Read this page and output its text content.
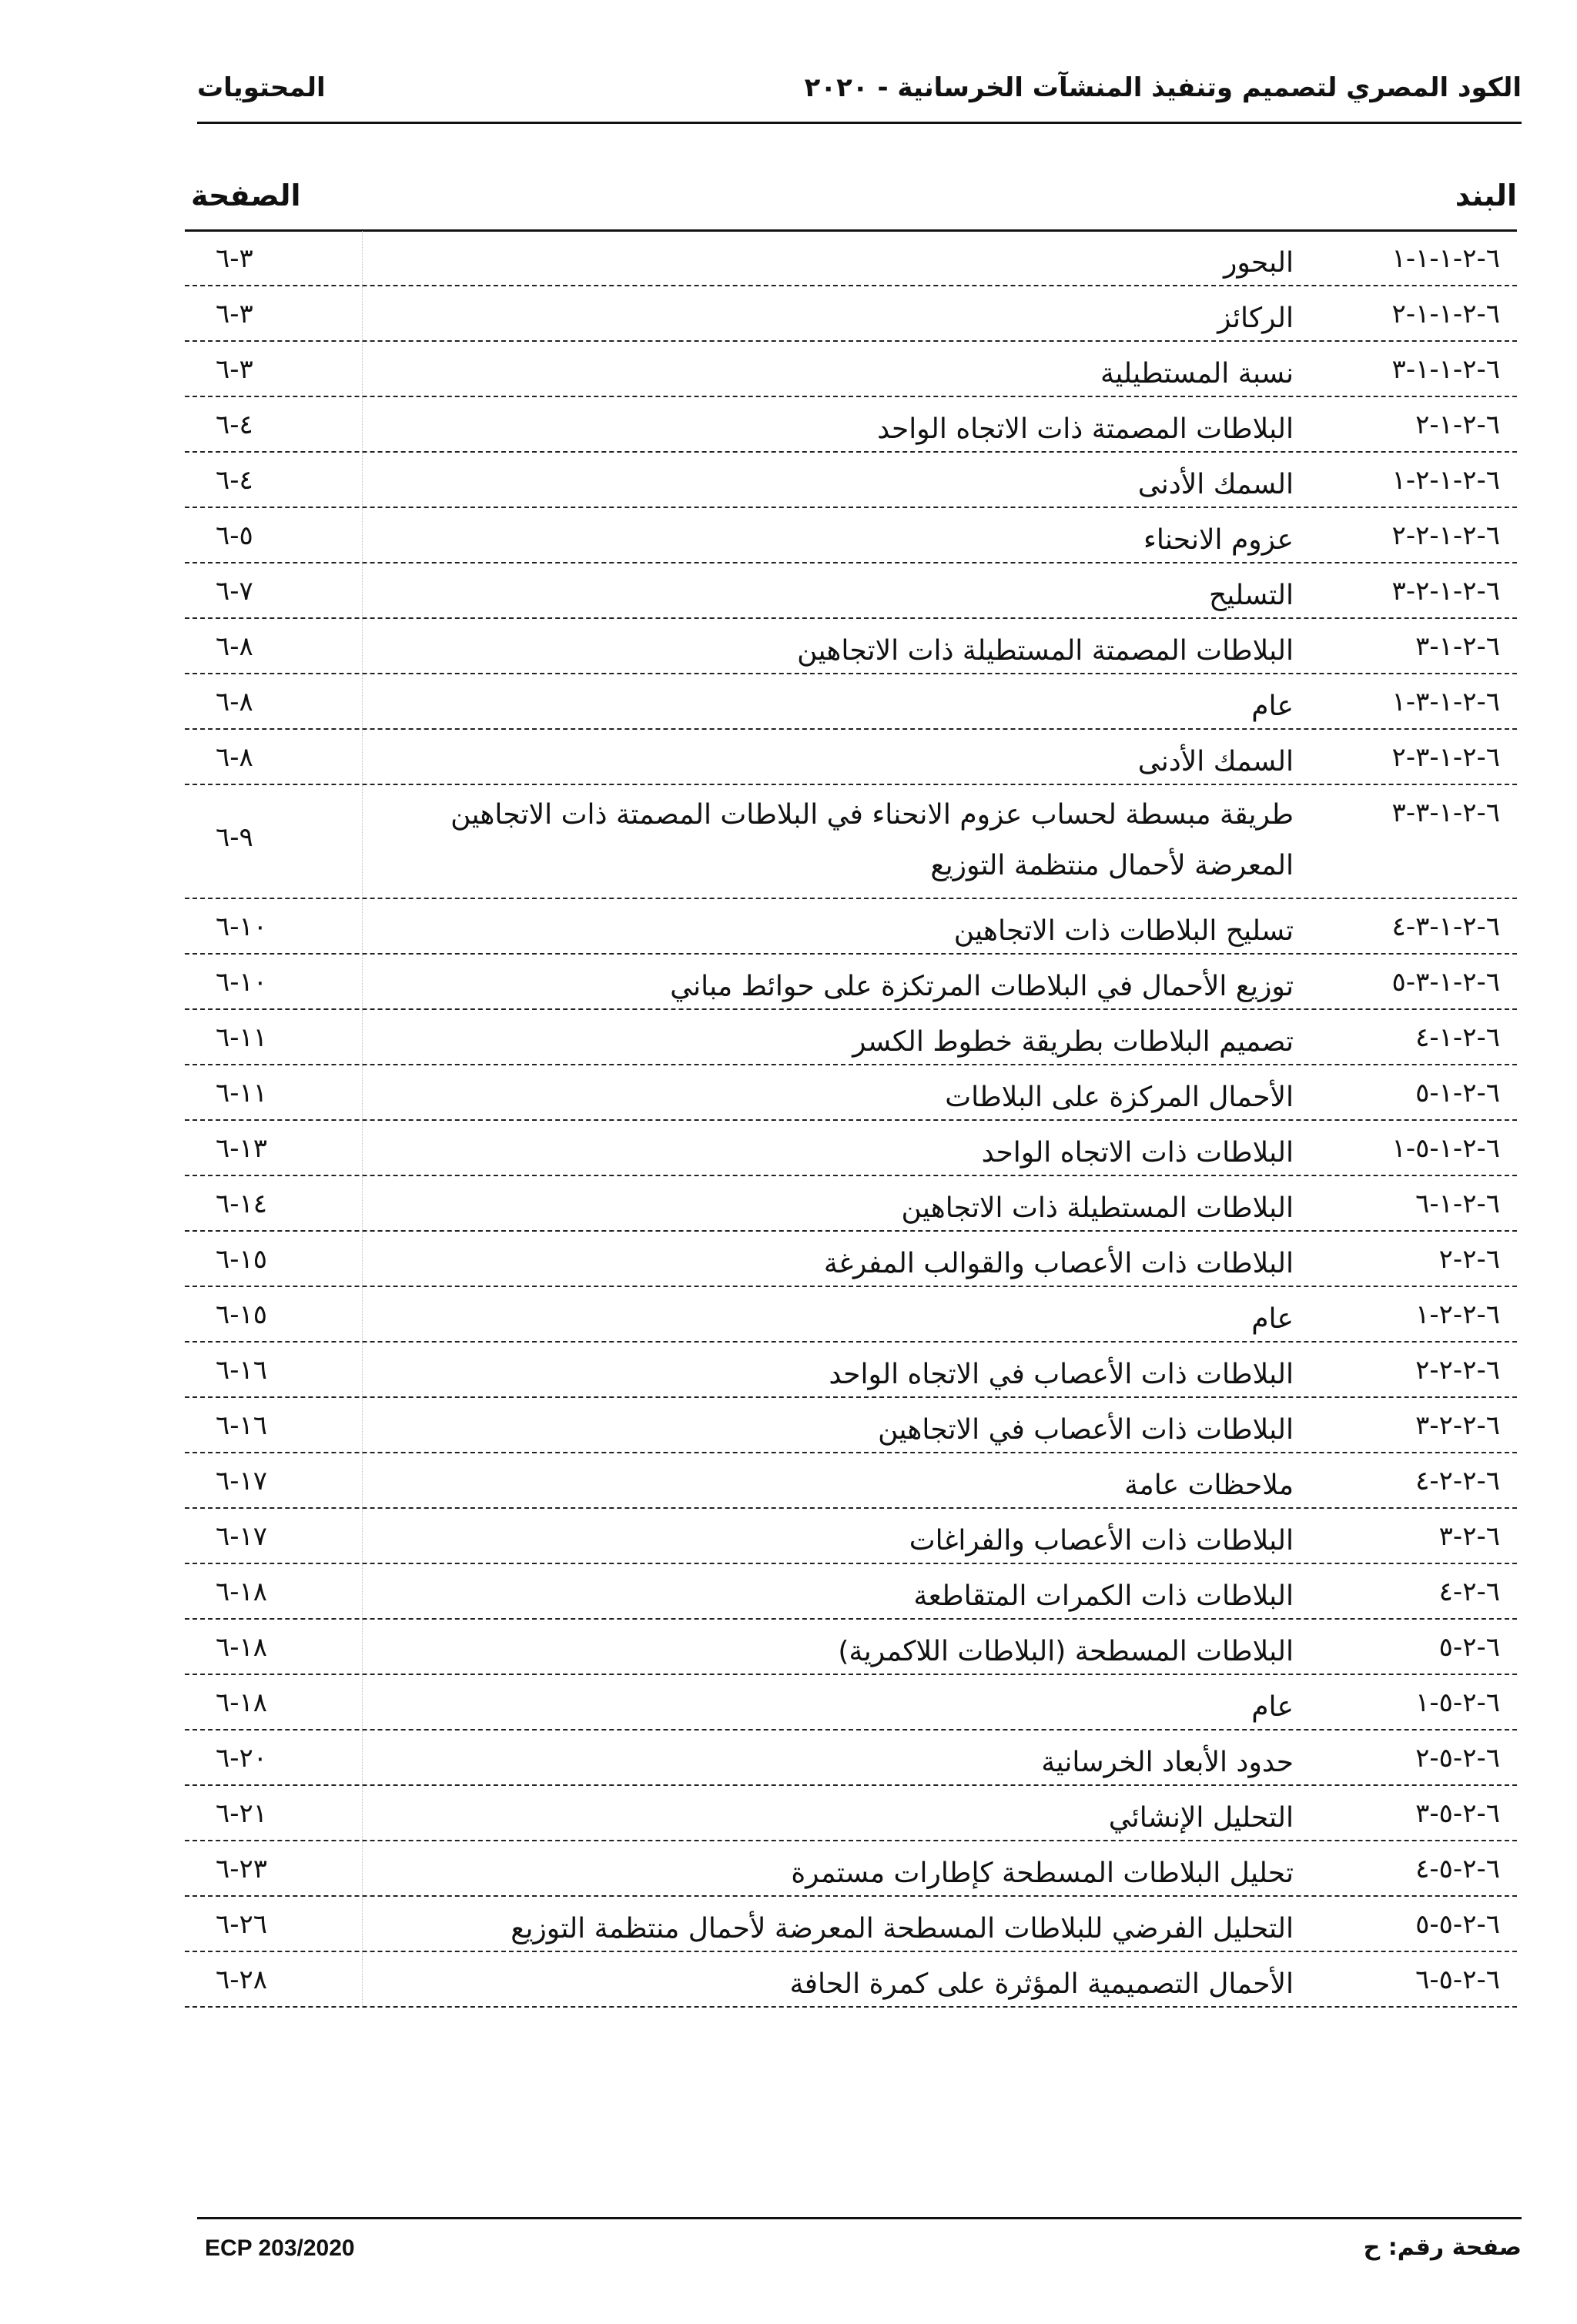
الكود المصري لتصميم وتنفيذ المنشآت الخرسانية - ٢٠٢٠
المحتويات
البند
الصفحة
٦-٢-١-١-١
البحور
٣-٦
٦-٢-١-١-٢
الركائز
٣-٦
٦-٢-١-١-٣
نسبة المستطيلية
٣-٦
٦-٢-١-٢
البلاطات المصمتة ذات الاتجاه الواحد
٤-٦
٦-٢-١-٢-١
السمك الأدنى
٤-٦
٦-٢-١-٢-٢
عزوم الانحناء
٥-٦
٦-٢-١-٢-٣
التسليح
٧-٦
٦-٢-١-٣
البلاطات المصمتة المستطيلة ذات الاتجاهين
٨-٦
٦-٢-١-٣-١
عام
٨-٦
٦-٢-١-٣-٢
السمك الأدنى
٨-٦
٦-٢-١-٣-٣
طريقة مبسطة لحساب عزوم الانحناء في البلاطات المصمتة ذات الاتجاهين المعرضة لأحمال منتظمة التوزيع
٩-٦
٦-٢-١-٣-٤
تسليح البلاطات ذات الاتجاهين
١٠-٦
٦-٢-١-٣-٥
توزيع الأحمال في البلاطات المرتكزة على حوائط مباني
١٠-٦
٦-٢-١-٤
تصميم البلاطات بطريقة خطوط الكسر
١١-٦
٦-٢-١-٥
الأحمال المركزة على البلاطات
١١-٦
٦-٢-١-٥-١
البلاطات ذات الاتجاه الواحد
١٣-٦
٦-٢-١-٦
البلاطات المستطيلة ذات الاتجاهين
١٤-٦
٦-٢-٢
البلاطات ذات الأعصاب والقوالب المفرغة
١٥-٦
٦-٢-٢-١
عام
١٥-٦
٦-٢-٢-٢
البلاطات ذات الأعصاب في الاتجاه الواحد
١٦-٦
٦-٢-٢-٣
البلاطات ذات الأعصاب في الاتجاهين
١٦-٦
٦-٢-٢-٤
ملاحظات عامة
١٧-٦
٦-٢-٣
البلاطات ذات الأعصاب والفراغات
١٧-٦
٦-٢-٤
البلاطات ذات الكمرات المتقاطعة
١٨-٦
٦-٢-٥
البلاطات المسطحة (البلاطات اللاكمرية)
١٨-٦
٦-٢-٥-١
عام
١٨-٦
٦-٢-٥-٢
حدود الأبعاد الخرسانية
٢٠-٦
٦-٢-٥-٣
التحليل الإنشائي
٢١-٦
٦-٢-٥-٤
تحليل البلاطات المسطحة كإطارات مستمرة
٢٣-٦
٦-٢-٥-٥
التحليل الفرضي للبلاطات المسطحة المعرضة لأحمال منتظمة التوزيع
٢٦-٦
٦-٢-٥-٦
الأحمال التصميمية المؤثرة على كمرة الحافة
٢٨-٦
ECP 203/2020	صفحة رقم: ح
